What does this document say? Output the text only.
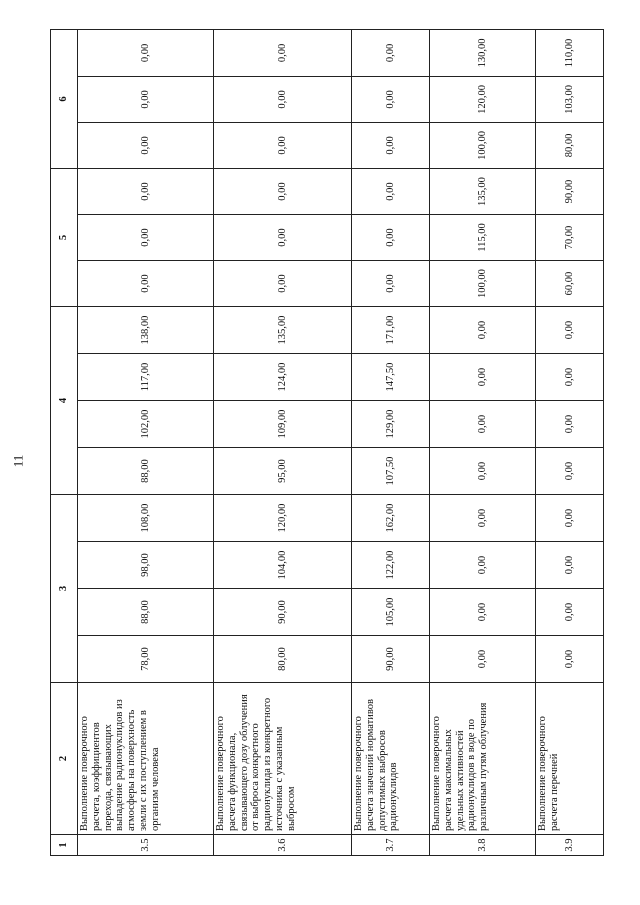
11
1	2	3				4				5			6		
3.5	Выполнение поверочного расчета, коэффициентов перехода, связывающих выпадение радионуклидов из атмосферы на поверхность земли с их поступлением в организм человека	78,00	88,00	98,00	108,00	88,00	102,00	117,00	138,00	0,00	0,00	0,00	0,00	0,00	0,00
3.6	Выполнение поверочного расчета функционала, связывающего дозу облучения от выброса конкретного радионуклида из конкретного источника с указанным выбросом	80,00	90,00	104,00	120,00	95,00	109,00	124,00	135,00	0,00	0,00	0,00	0,00	0,00	0,00
3.7	Выполнение поверочного расчета значений нормативов допустимых выбросов радионуклидов	90,00	105,00	122,00	162,00	107,50	129,00	147,50	171,00	0,00	0,00	0,00	0,00	0,00	0,00
3.8	Выполнение поверочного расчета максимальных удельных активностей радионуклидов в воде по различным путям облучения	0,00	0,00	0,00	0,00	0,00	0,00	0,00	0,00	100,00	115,00	135,00	100,00	120,00	130,00
3.9	Выполнение поверочного расчета перечней	0,00	0,00	0,00	0,00	0,00	0,00	0,00	0,00	60,00	70,00	90,00	80,00	103,00	110,00
